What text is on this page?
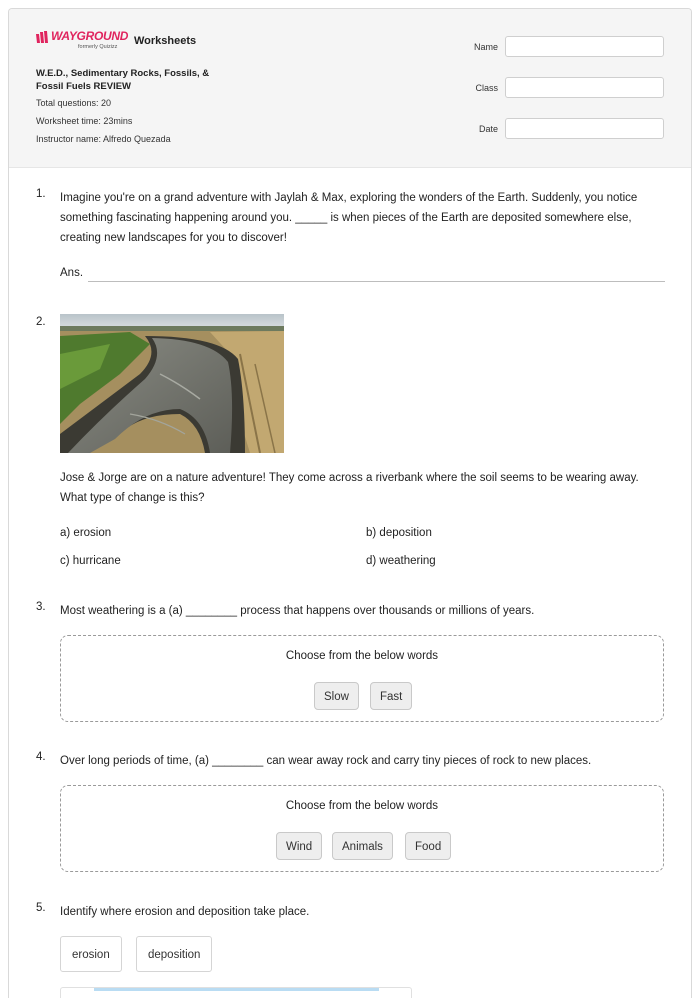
WAYGROUND
formerly Quizizz Worksheets
W.E.D., Sedimentary Rocks, Fossils, &
Fossil Fuels REVIEW
Total questions: 20
Worksheet time: 23mins
Instructor name: Alfredo Quezada
Name
Class
Date
1. Imagine you're on a grand adventure with Jaylah & Max, exploring the wonders of the Earth. Suddenly, you notice something fascinating happening around you. _____ is when pieces of the Earth are deposited somewhere else, creating new landscapes for you to discover!
Ans.
2.
Jose & Jorge are on a nature adventure! They come across a riverbank where the soil seems to be wearing away. What type of change is this?
a) erosion	b) deposition
c) hurricane	d) weathering
3. Most weathering is a (a) ________ process that happens over thousands or millions of years.
Choose from the below words
Slow	Fast
4. Over long periods of time, (a) ________ can wear away rock and carry tiny pieces of rock to new places.
Choose from the below words
Wind	Animals	Food
5. Identify where erosion and deposition take place.
erosion	deposition
